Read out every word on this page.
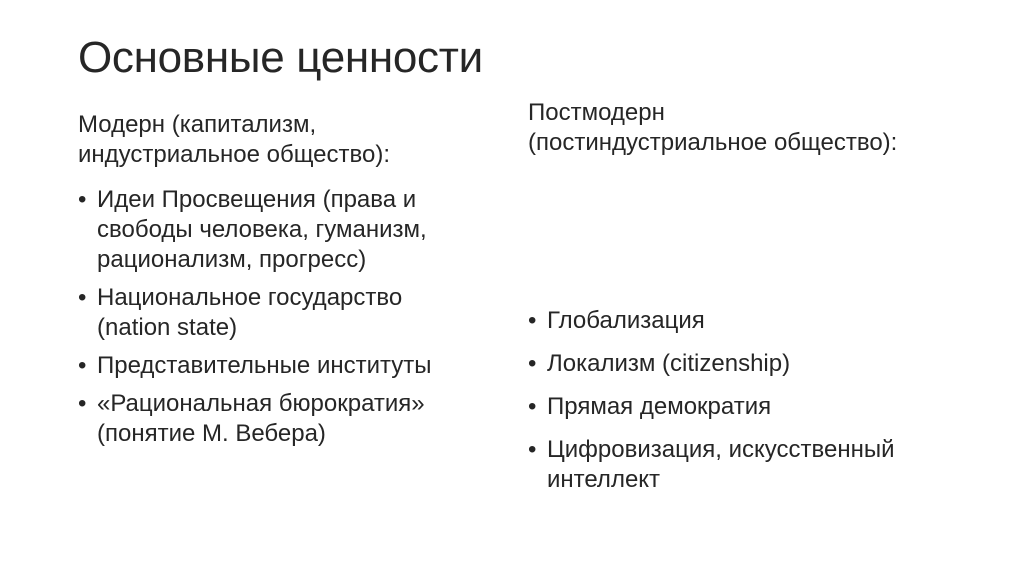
Основные ценности
Модерн (капитализм,
индустриальное общество):
• Идеи Просвещения (права и
свободы человека, гуманизм,
рационализм, прогресс)
• Национальное государство
(nation state)
• Представительные институты
• «Рациональная бюрократия»
(понятие М. Вебера)
Постмодерн
(постиндустриальное общество):
• Глобализация
• Локализм (citizenship)
• Прямая демократия
• Цифровизация, искусственный
интеллект
